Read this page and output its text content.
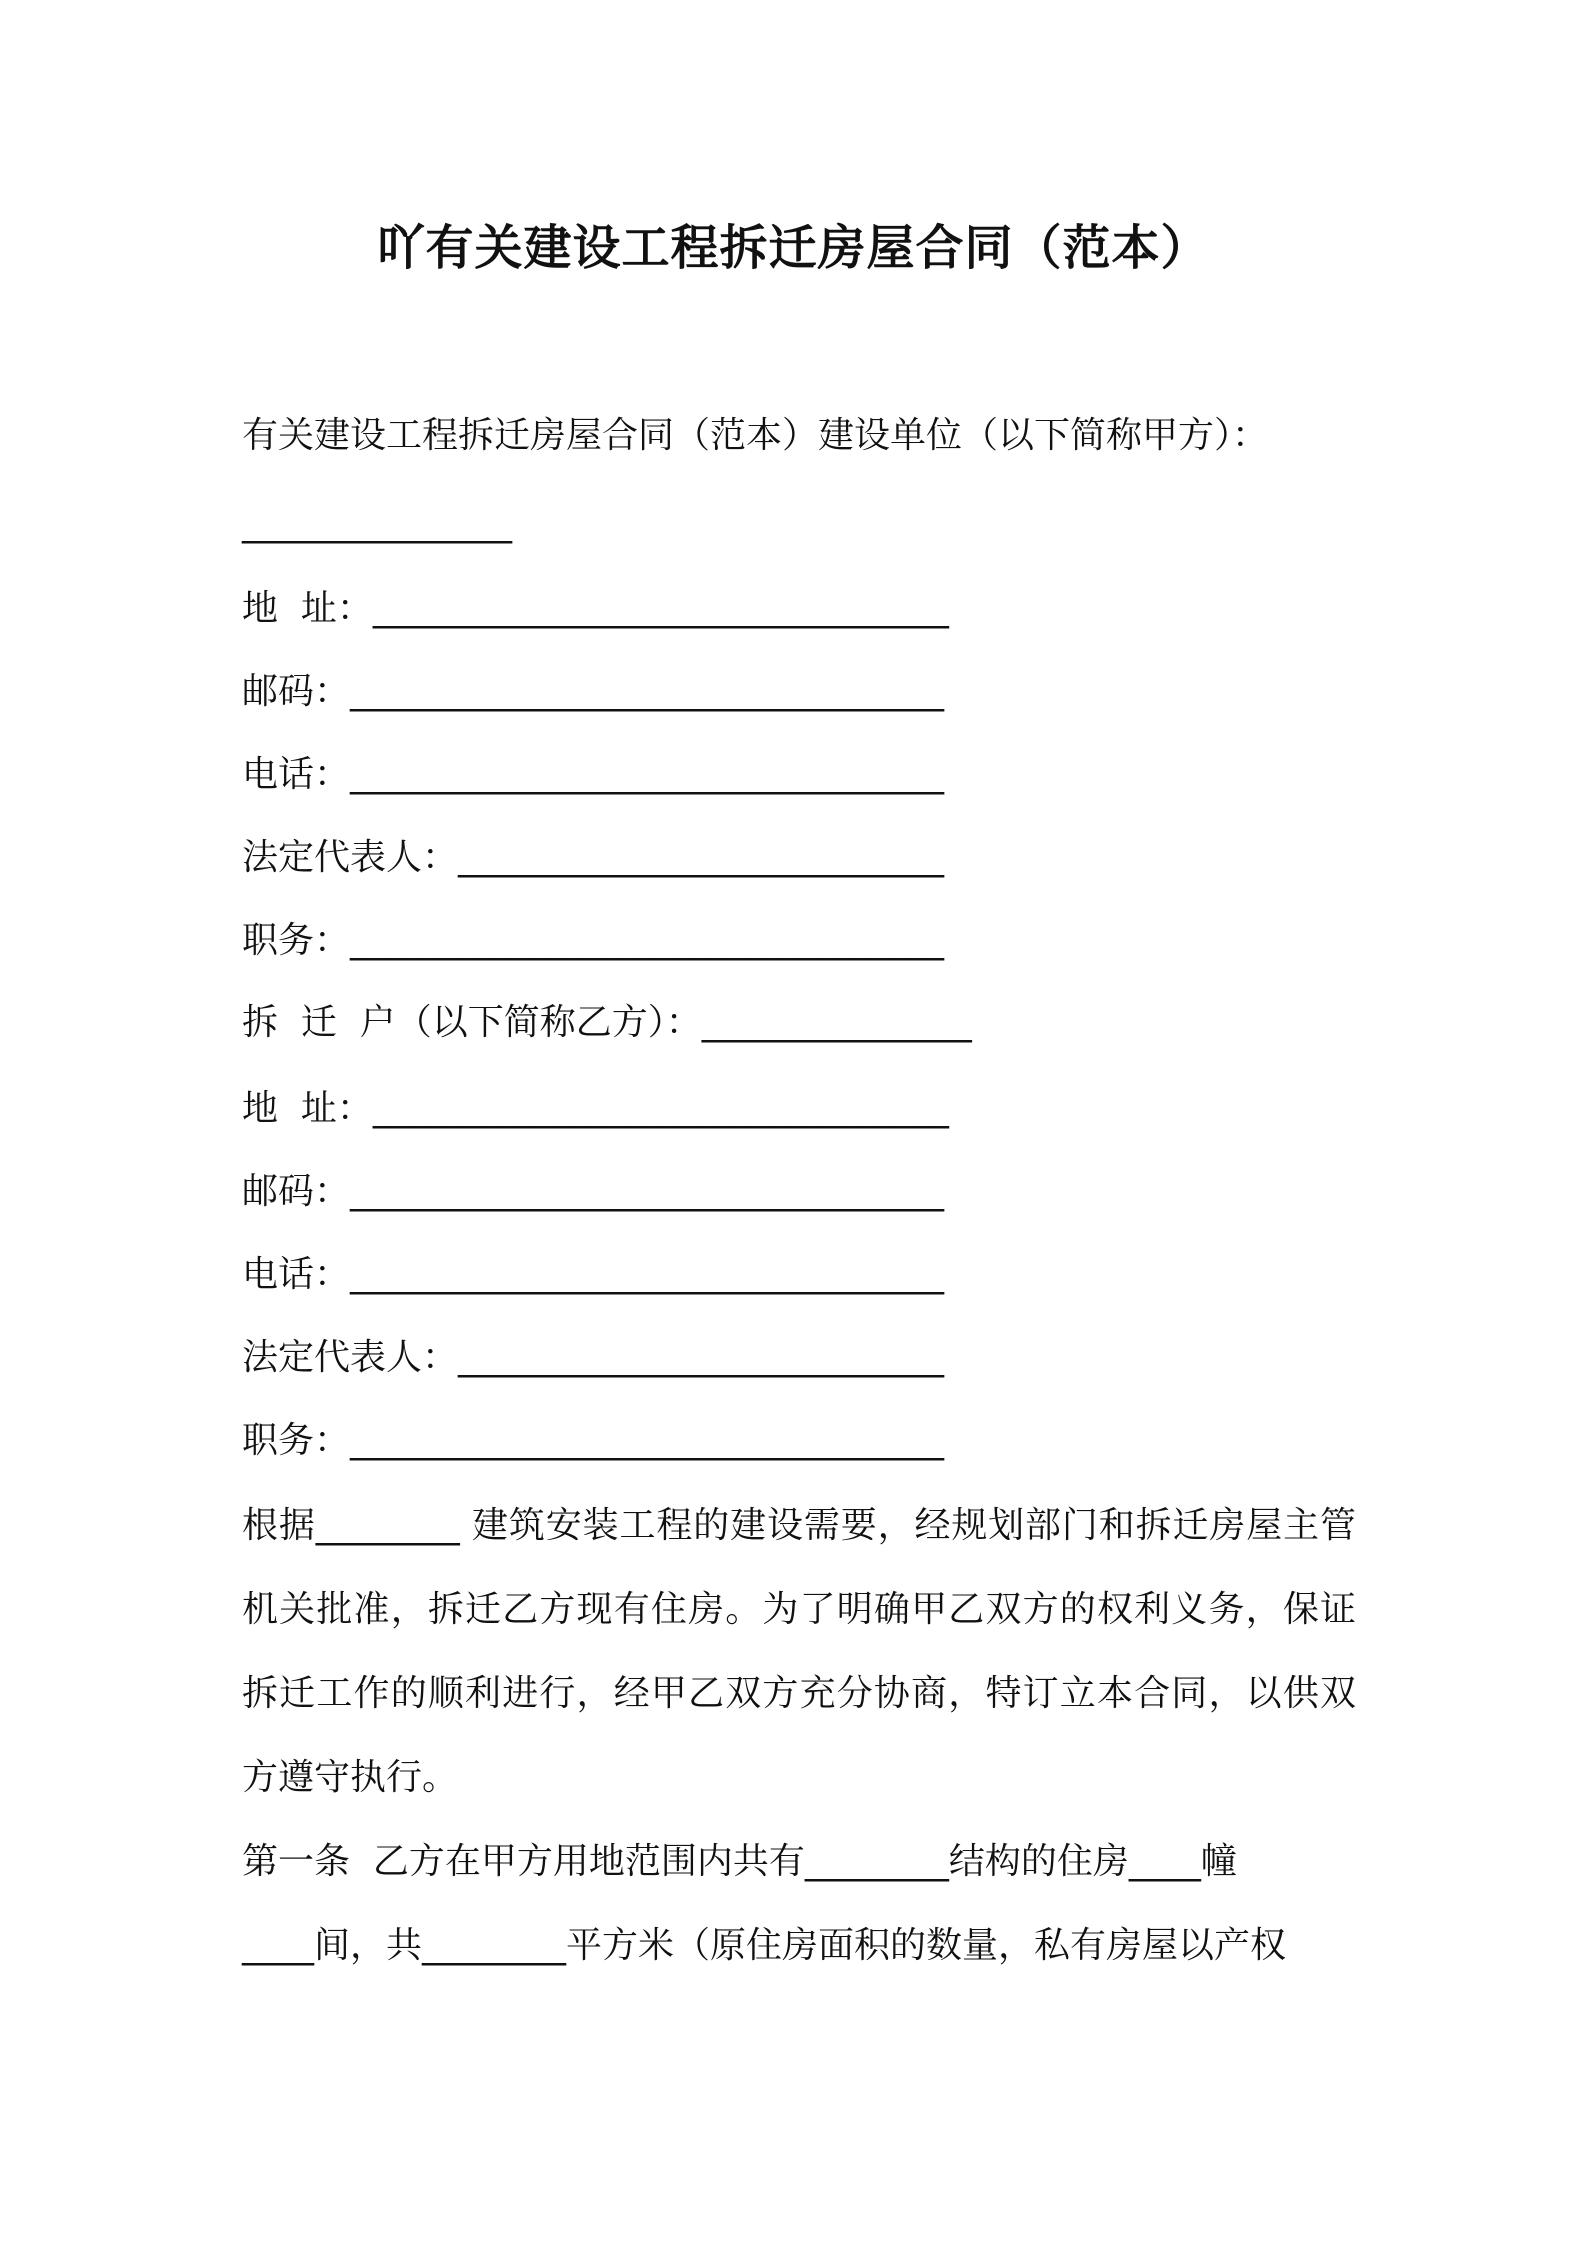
吖有关建设工程拆迁房屋合同（范本）
有关建设工程拆迁房屋合同（范本）建设单位（以下简称甲方）：
_______________
地  址：________________________________
邮码：_________________________________
电话：_________________________________
法定代表人：___________________________
职务：_________________________________
拆  迁  户（以下简称乙方）：_______________
地  址：________________________________
邮码：_________________________________
电话：_________________________________
法定代表人：___________________________
职务：_________________________________
根据________ 建筑安装工程的建设需要，经规划部门和拆迁房屋主管机关批准，拆迁乙方现有住房。为了明确甲乙双方的权利义务，保证拆迁工作的顺利进行，经甲乙双方充分协商，特订立本合同，以供双方遵守执行。
第一条  乙方在甲方用地范围内共有________结构的住房____幢
____间，共________平方米（原住房面积的数量，私有房屋以产权
